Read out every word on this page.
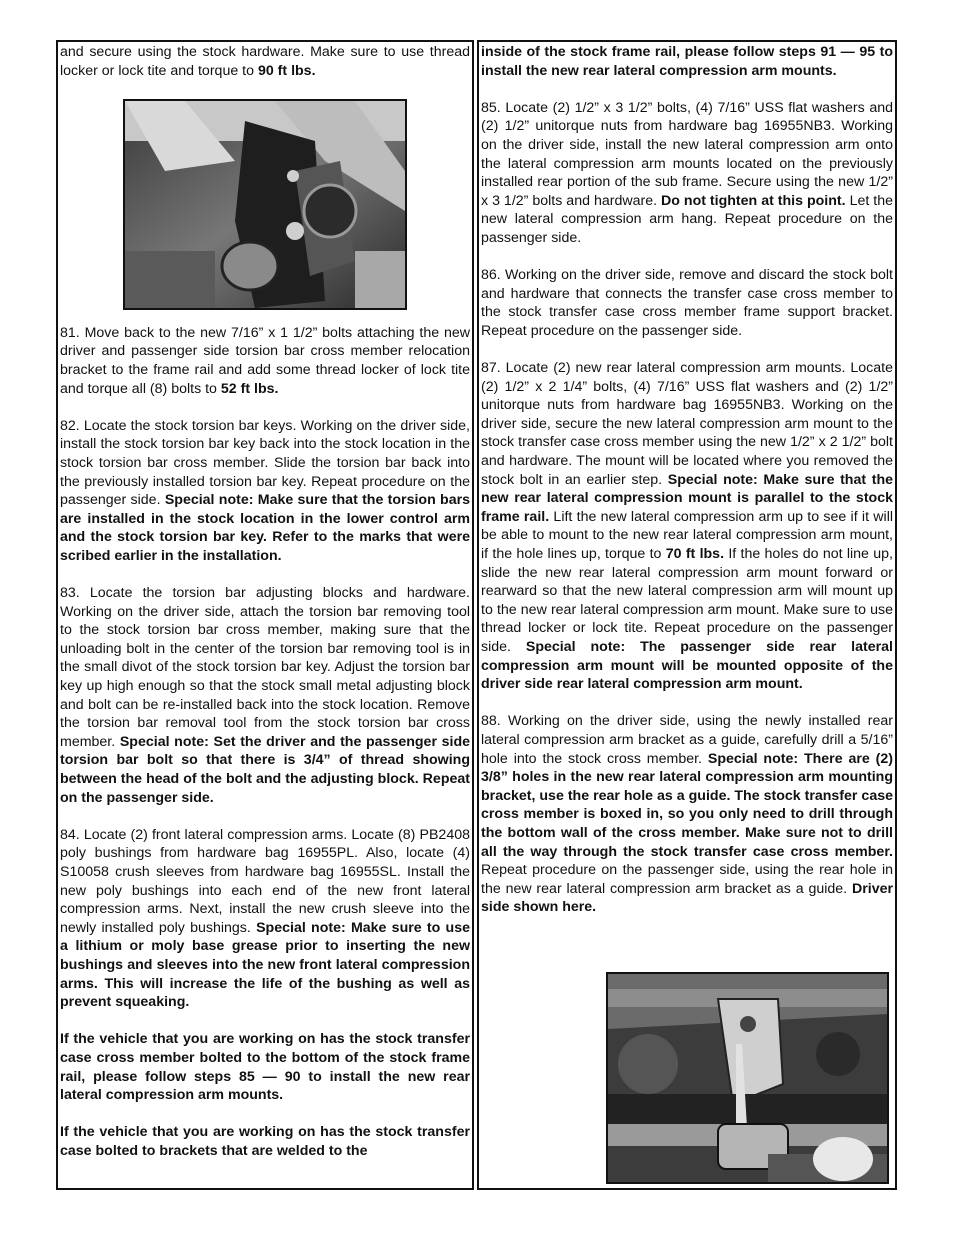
and secure using the stock hardware. Make sure to use thread locker or lock tite and torque to 90 ft lbs.

81. Move back to the new 7/16” x 1 1/2” bolts attaching the new driver and passenger side torsion bar cross member relocation bracket to the frame rail and add some thread locker of lock tite and torque all (8) bolts to 52 ft lbs.

82. Locate the stock torsion bar keys. Working on the driver side, install the stock torsion bar key back into the stock location in the stock torsion bar cross member. Slide the torsion bar back into the previously installed torsion bar key. Repeat procedure on the passenger side. Special note: Make sure that the torsion bars are installed in the stock location in the lower control arm and the stock torsion bar key. Refer to the marks that were scribed earlier in the installation.

83. Locate the torsion bar adjusting blocks and hardware. Working on the driver side, attach the torsion bar removing tool to the stock torsion bar cross member, making sure that the unloading bolt in the center of the torsion bar removing tool is in the small divot of the stock torsion bar key. Adjust the torsion bar key up high enough so that the stock small metal adjusting block and bolt can be re-installed back into the stock location. Remove the torsion bar removal tool from the stock torsion bar cross member. Special note: Set the driver and the passenger side torsion bar bolt so that there is 3/4” of thread showing between the head of the bolt and the adjusting block. Repeat on the passenger side.

84. Locate (2) front lateral compression arms. Locate (8) PB2408 poly bushings from hardware bag 16955PL. Also, locate (4) S10058 crush sleeves from hardware bag 16955SL. Install the new poly bushings into each end of the new front lateral compression arms. Next, install the new crush sleeve into the newly installed poly bushings. Special note: Make sure to use a lithium or moly base grease prior to inserting the new bushings and sleeves into the new front lateral compression arms. This will increase the life of the bushing as well as prevent squeaking.

If the vehicle that you are working on has the stock transfer case cross member bolted to the bottom of the stock frame rail, please follow steps 85 — 90 to install the new rear lateral compression arm mounts.

If the vehicle that you are working on has the stock transfer case bolted to brackets that are welded to the

inside of the stock frame rail, please follow steps 91 — 95 to install the new rear lateral compression arm mounts.

85. Locate (2) 1/2” x 3 1/2” bolts, (4) 7/16” USS flat washers and (2) 1/2” unitorque nuts from hardware bag 16955NB3. Working on the driver side, install the new lateral compression arm onto the lateral compression arm mounts located on the previously installed rear portion of the sub frame. Secure using the new 1/2” x 3 1/2” bolts and hardware. Do not tighten at this point. Let the new lateral compression arm hang. Repeat procedure on the passenger side.

86. Working on the driver side, remove and discard the stock bolt and hardware that connects the transfer case cross member to the stock transfer case cross member frame support bracket. Repeat procedure on the passenger side.

87. Locate (2) new rear lateral compression arm mounts. Locate (2) 1/2” x 2 1/4” bolts, (4) 7/16” USS flat washers and (2) 1/2” unitorque nuts from hardware bag 16955NB3. Working on the driver side, secure the new lateral compression arm mount to the stock transfer case cross member using the new 1/2” x 2 1/2” bolt and hardware. The mount will be located where you removed the stock bolt in an earlier step. Special note: Make sure that the new rear lateral compression mount is parallel to the stock frame rail. Lift the new lateral compression arm up to see if it will be able to mount to the new rear lateral compression arm mount, if the hole lines up, torque to 70 ft lbs. If the holes do not line up, slide the new rear lateral compression arm mount forward or rearward so that the new lateral compression arm will mount up to the new rear lateral compression arm mount. Make sure to use thread locker or lock tite. Repeat procedure on the passenger side. Special note: The passenger side rear lateral compression arm mount will be mounted opposite of the driver side rear lateral compression arm mount.

88. Working on the driver side, using the newly installed rear lateral compression arm bracket as a guide, carefully drill a 5/16” hole into the stock cross member. Special note: There are (2) 3/8” holes in the new rear lateral compression arm mounting bracket, use the rear hole as a guide. The stock transfer case cross member is boxed in, so you only need to drill through the bottom wall of the cross member. Make sure not to drill all the way through the stock transfer case cross member. Repeat procedure on the passenger side, using the rear hole in the new rear lateral compression arm bracket as a guide. Driver side shown here.
